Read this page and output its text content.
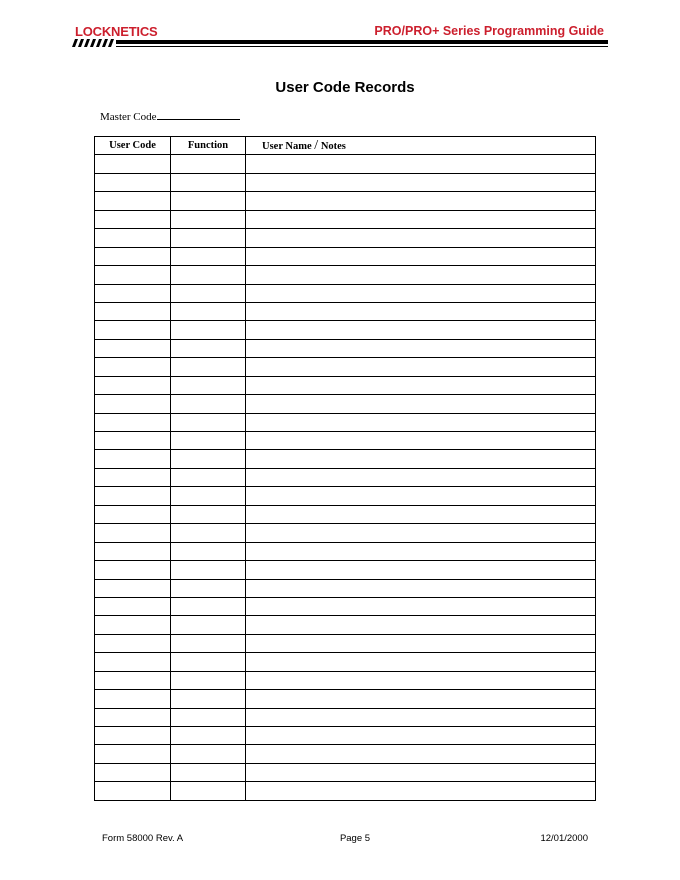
LOCKNETICS	PRO/PRO+ Series Programming Guide
User Code Records
Master Code
User Code	Function	User Name / Notes

Form 58000 Rev. A	Page 5	12/01/2000
